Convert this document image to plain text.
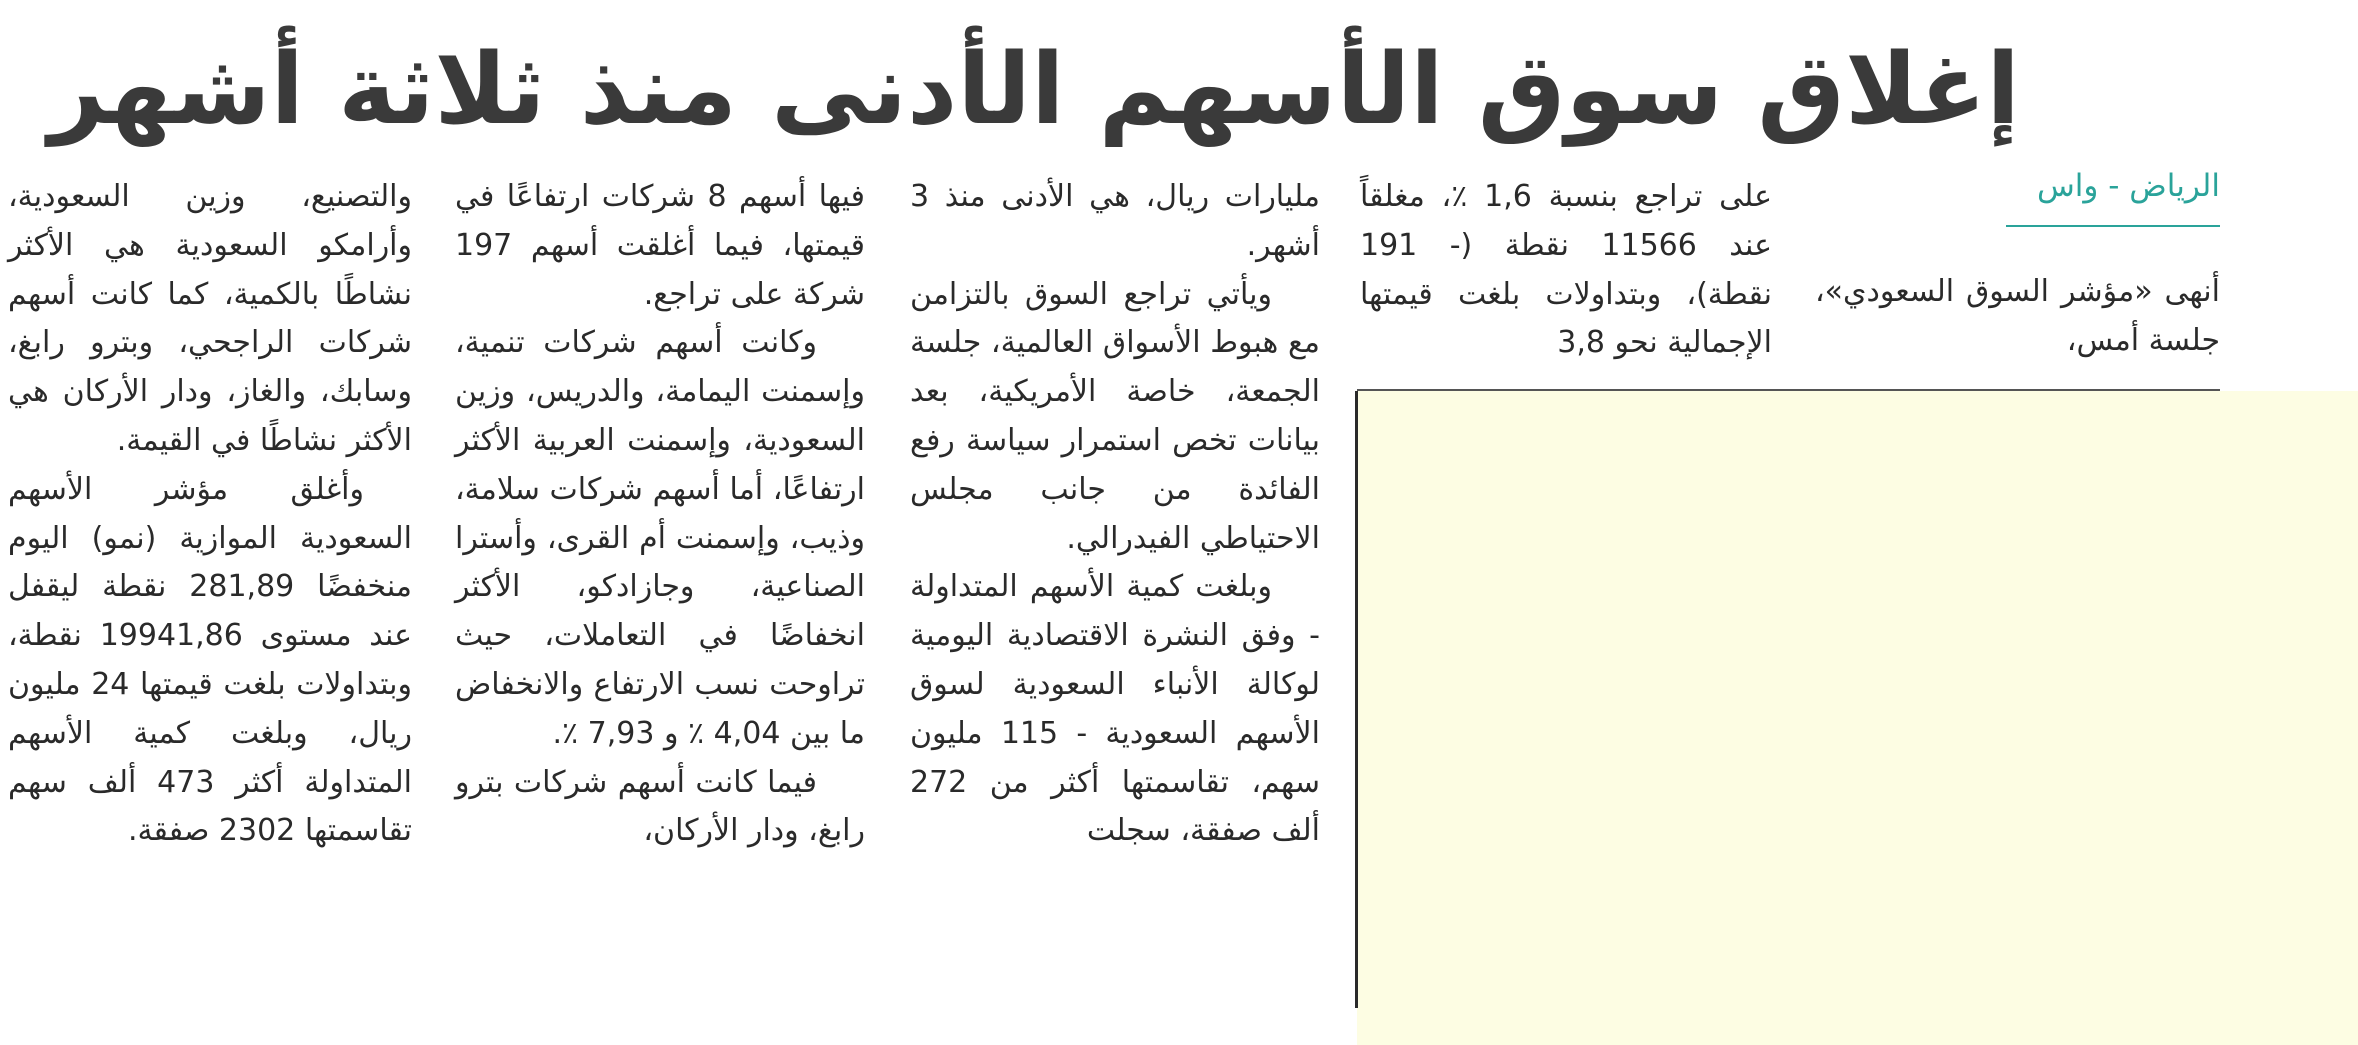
إغلاق سوق الأسهم الأدنى منذ ثلاثة أشهر
الرياض - واس

أنهى «مؤشر السوق السعودي»، جلسة أمس،

على تراجع بنسبة 1,6 ٪، مغلقاً عند 11566 نقطة (- 191 نقطة)، وبتداولات بلغت قيمتها الإجمالية نحو 3,8

مليارات ريال، هي الأدنى منذ 3 أشهر.

ويأتي تراجع السوق بالتزامن مع هبوط الأسواق العالمية، جلسة الجمعة، خاصة الأمريكية، بعد بيانات تخص استمرار سياسة رفع الفائدة من جانب مجلس الاحتياطي الفيدرالي.

وبلغت كمية الأسهم المتداولة - وفق النشرة الاقتصادية اليومية لوكالة الأنباء السعودية لسوق الأسهم السعودية - 115 مليون سهم، تقاسمتها أكثر من 272 ألف صفقة، سجلت

فيها أسهم 8 شركات ارتفاعًا في قيمتها، فيما أغلقت أسهم 197 شركة على تراجع.

وكانت أسهم شركات تنمية، وإسمنت اليمامة، والدريس، وزين السعودية، وإسمنت العربية الأكثر ارتفاعًا، أما أسهم شركات سلامة، وذيب، وإسمنت أم القرى، وأسترا الصناعية، وجازادكو، الأكثر انخفاضًا في التعاملات، حيث تراوحت نسب الارتفاع والانخفاض ما بين 4,04 ٪ و 7,93 ٪.

فيما كانت أسهم شركات بترو رابغ، ودار الأركان،

والتصنيع، وزين السعودية، وأرامكو السعودية هي الأكثر نشاطًا بالكمية، كما كانت أسهم شركات الراجحي، وبترو رابغ، وسابك، والغاز، ودار الأركان هي الأكثر نشاطًا في القيمة.

وأغلق مؤشر الأسهم السعودية الموازية (نمو) اليوم منخفضًا 281,89 نقطة ليقفل عند مستوى 19941,86 نقطة، وبتداولات بلغت قيمتها 24 مليون ريال، وبلغت كمية الأسهم المتداولة أكثر 473 ألف سهم تقاسمتها 2302 صفقة.
